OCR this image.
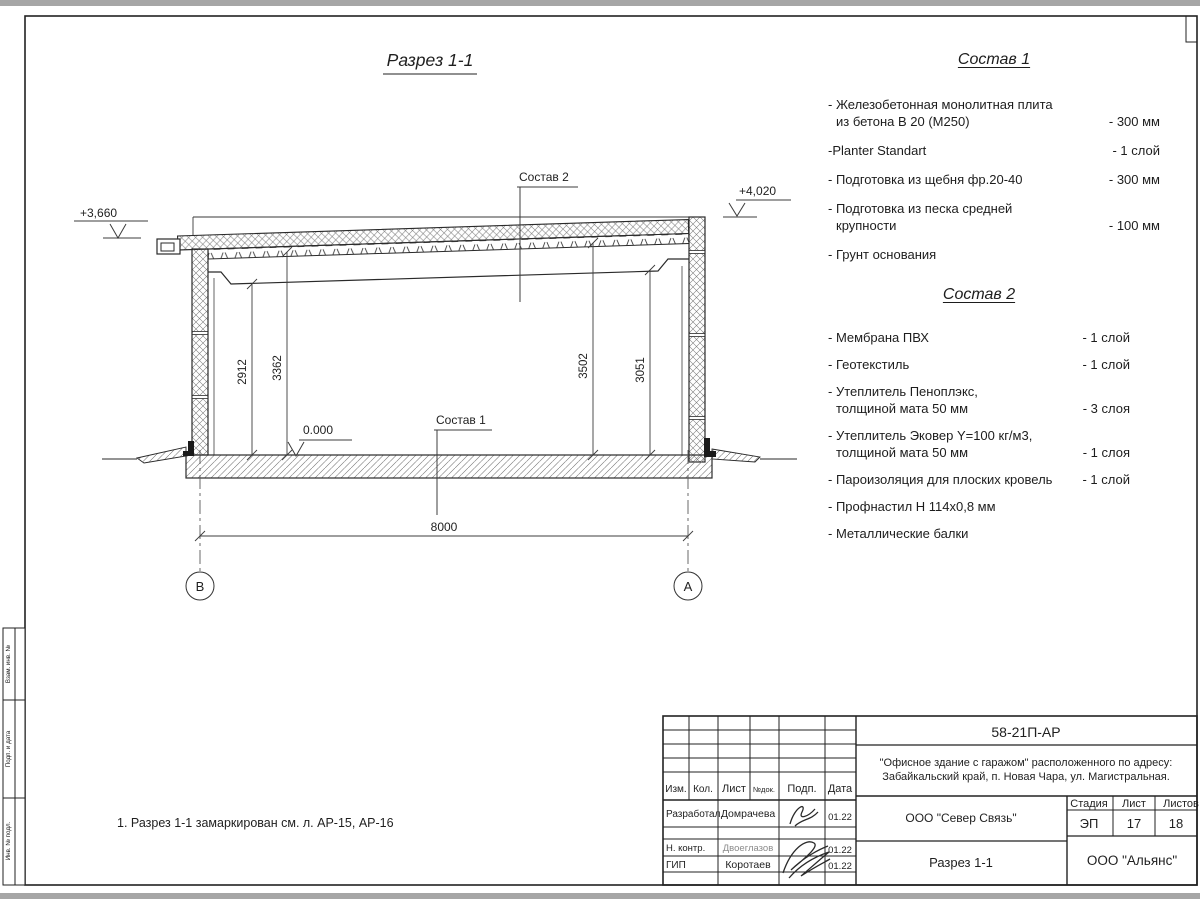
Взам. инв. №
Подп. и дата
Инв. № подл.
Разрез 1-1
В	А
8000
2912 3362	3502	3051
Состав 2
Состав 1
+3,660
+4,020
0.000
1. Разрез 1-1 замаркирован см. л. АР-15, АР-16
58-21П-АР
"Офисное здание с гаражом" расположенного по адресу:
Забайкальский край, п. Новая Чара, ул. Магистральная.
Изм. Кол. Лист №док. Подп. Дата
Разработал Домрачева	01.22
Н. контр. Двоеглазов	01.22
ГИП	Коротаев	01.22
ООО "Север Связь"
Разрез 1-1
Стадия Лист Листов
ЭП 17 18
ООО "Альянс"
Состав 1
- Железобетонная монолитная плита
из бетона В 20 (М250)	- 300 мм
-Planter Standart	- 1 слой
- Подготовка из щебня фр.20-40	- 300 мм
- Подготовка из песка средней
крупности	- 100 мм
- Грунт основания
Состав 2
- Мембрана ПВХ	- 1 слой
- Геотекстиль	- 1 слой
- Утеплитель Пеноплэкс,
толщиной мата 50 мм	- 3 слоя
- Утеплитель Эковер Y=100 кг/м3,
толщиной мата 50 мм	- 1 слоя
- Пароизоляция для плоских кровель	- 1 слой
- Профнастил Н 114х0,8 мм
- Металлические балки
